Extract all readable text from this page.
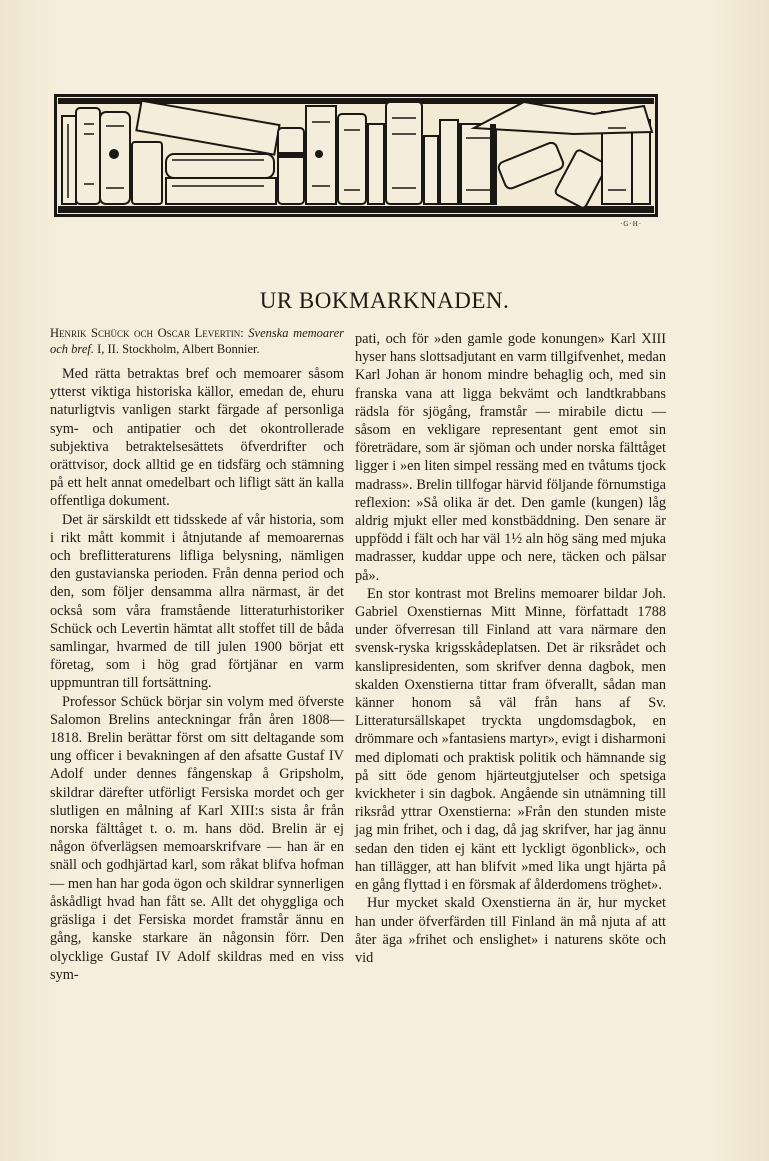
·G·H·
UR BOKMARKNADEN.

Henrik Schück och Oscar Levertin: Svenska memoarer och bref. I, II. Stockholm, Albert Bonnier.

Med rätta betraktas bref och memoarer såsom ytterst viktiga historiska källor, emedan de, ehuru naturligtvis vanligen starkt färgade af personliga sym- och antipatier och det okontrollerade subjektiva betraktelsesättets öfverdrifter och orättvisor, dock alltid ge en tidsfärg och stämning på ett helt annat omedelbart och lifligt sätt än kalla offentliga dokument.

Det är särskildt ett tidsskede af vår historia, som i rikt mått kommit i åtnjutande af memoarernas och breflitteraturens lifliga belysning, nämligen den gustavianska perioden. Från denna period och den, som följer densamma allra närmast, är det också som våra framstående litteraturhistoriker Schück och Levertin hämtat allt stoffet till de båda samlingar, hvarmed de till julen 1900 börjat ett företag, som i hög grad förtjänar en varm uppmuntran till fortsättning.

Professor Schück börjar sin volym med öfverste Salomon Brelins anteckningar från åren 1808—1818. Brelin berättar först om sitt deltagande som ung officer i bevakningen af den afsatte Gustaf IV Adolf under dennes fångenskap å Gripsholm, skildrar därefter utförligt Fersiska mordet och ger slutligen en målning af Karl XIII:s sista år från norska fälttåget t. o. m. hans död. Brelin är ej någon öfverlägsen memoarskrifvare — han är en snäll och godhjärtad karl, som råkat blifva hofman — men han har goda ögon och skildrar synnerligen åskådligt hvad han fått se. Allt det ohyggliga och gräsliga i det Fersiska mordet framstår ännu en gång, kanske starkare än någonsin förr. Den olycklige Gustaf IV Adolf skildras med en viss sym-

pati, och för »den gamle gode konungen» Karl XIII hyser hans slottsadjutant en varm tillgifvenhet, medan Karl Johan är honom mindre behaglig och, med sin franska vana att ligga bekvämt och landtkrabbans rädsla för sjögång, framstår — mirabile dictu — såsom en vekligare representant gent emot sin företrädare, som är sjöman och under norska fälttåget ligger i »en liten simpel ressäng med en tvåtums tjock madrass». Brelin tillfogar härvid följande förnumstiga reflexion: »Så olika är det. Den gamle (kungen) låg aldrig mjukt eller med konstbäddning. Den senare är uppfödd i fält och har väl 1½ aln hög säng med mjuka madrasser, kuddar uppe och nere, täcken och pälsar på».

En stor kontrast mot Brelins memoarer bildar Joh. Gabriel Oxenstiernas Mitt Minne, författadt 1788 under öfverresan till Finland att vara närmare den svensk-ryska krigsskådeplatsen. Det är riksrådet och kanslipresidenten, som skrifver denna dagbok, men skalden Oxenstierna tittar fram öfverallt, sådan man känner honom så väl från hans af Sv. Litteratursällskapet tryckta ungdomsdagbok, en drömmare och »fantasiens martyr», evigt i disharmoni med diplomati och praktisk politik och hämnande sig på sitt öde genom hjärteutgjutelser och spetsiga kvickheter i sin dagbok. Angående sin utnämning till riksråd yttrar Oxenstierna: »Från den stunden miste jag min frihet, och i dag, då jag skrifver, har jag ännu sedan den tiden ej känt ett lyckligt ögonblick», och han tillägger, att han blifvit »med lika ungt hjärta på en gång flyttad i en försmak af ålderdomens tröghet».

Hur mycket skald Oxenstierna än är, hur mycket han under öfverfärden till Finland än må njuta af att åter äga »frihet och enslighet» i naturens sköte och vid
